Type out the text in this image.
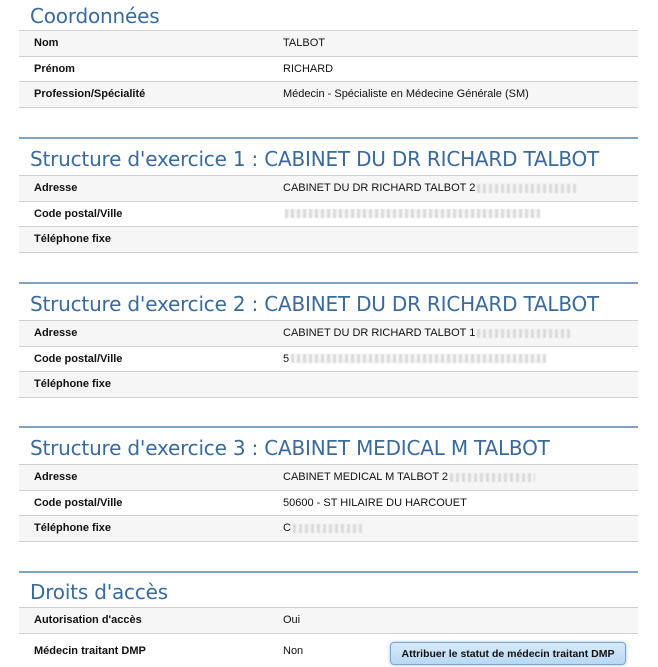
Coordonnées
Nom	TALBOT
Prénom	RICHARD
Profession/Spécialité	Médecin - Spécialiste en Médecine Générale (SM)
Structure d'exercice 1 : CABINET DU DR RICHARD TALBOT
Adresse	CABINET DU DR RICHARD TALBOT 2
Code postal/Ville
Téléphone fixe
Structure d'exercice 2 : CABINET DU DR RICHARD TALBOT
Adresse	CABINET DU DR RICHARD TALBOT 1
Code postal/Ville	5
Téléphone fixe
Structure d'exercice 3 : CABINET MEDICAL M TALBOT
Adresse	CABINET MEDICAL M TALBOT 2
Code postal/Ville	50600 - ST HILAIRE DU HARCOUET
Téléphone fixe	C
Droits d'accès
Autorisation d'accès	Oui
Médecin traitant DMP	Non	Attribuer le statut de médecin traitant DMP
